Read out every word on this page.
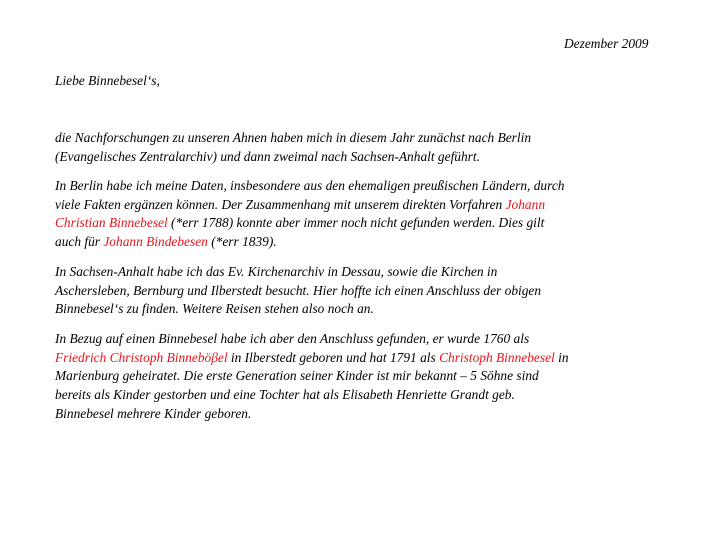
Dezember 2009
Liebe Binnebesel‘s,
die Nachforschungen zu unseren Ahnen haben mich in diesem Jahr zunächst nach Berlin
(Evangelisches Zentralarchiv) und dann zweimal nach Sachsen-Anhalt geführt.
In Berlin habe ich meine Daten, insbesondere aus den ehemaligen preußischen Ländern, durch
viele Fakten ergänzen können. Der Zusammenhang mit unserem direkten Vorfahren Johann
Christian Binnebesel (*err 1788) konnte aber immer noch nicht gefunden werden. Dies gilt
auch für Johann Bindebesen (*err 1839).
In Sachsen-Anhalt habe ich das Ev. Kirchenarchiv in Dessau, sowie die Kirchen in
Aschersleben, Bernburg und Ilberstedt besucht. Hier hoffte ich einen Anschluss der obigen
Binnebesel‘s zu finden. Weitere Reisen stehen also noch an.
In Bezug auf einen Binnebesel habe ich aber den Anschluss gefunden, er wurde 1760 als
Friedrich Christoph Binneböβel in Ilberstedt geboren und hat 1791 als Christoph Binnebesel in
Marienburg geheiratet. Die erste Generation seiner Kinder ist mir bekannt – 5 Söhne sind
bereits als Kinder gestorben und eine Tochter hat als Elisabeth Henriette Grandt geb.
Binnebesel mehrere Kinder geboren.
